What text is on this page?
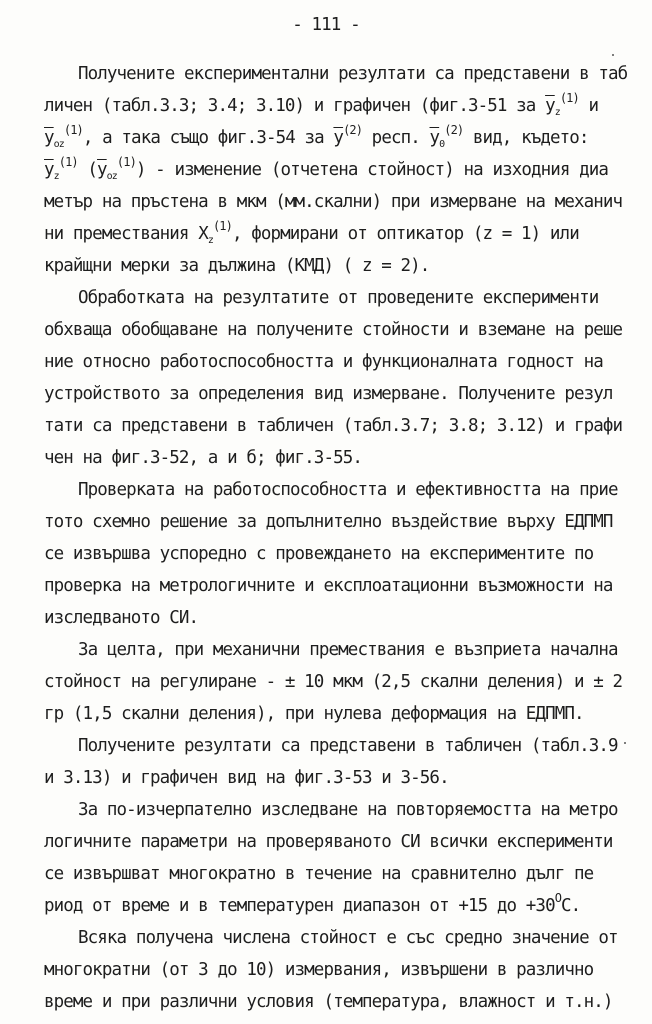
- 111 -
Получените експериментални резултати са представени в таб
личен (табл.3.3; 3.4; 3.10) и графичен (фиг.3-51 за $\overline{y}_z^{(1)}$ и
$\overline{y}_{oz}^{(1)}$, а така също фиг.3-54 за $\overline{y}^{(2)}$ респ. $\overline{y}_0^{(2)}$ вид, където:
$\overline{y}_z^{(1)}$ $(\overline{y}_{oz}^{(1)})$ - изменение (отчетена стойност) на изходния диа
метър на пръстена в мкм (мм.скални) при измерване на механич
ни премествания $X_z^{(1)}$, формирани от оптикатор (z = 1) или
крайщни мерки за дължина (КМД) ( z = 2).
Обработката на резултатите от проведените експерименти
обхваща обобщаване на получените стойности и вземане на реше
ние относно работоспособността и функционалната годност на
устройството за определения вид измерване. Получените резул
тати са представени в табличен (табл.3.7; 3.8; 3.12) и графи
чен на фиг.3-52, а и б; фиг.3-55.
Проверката на работоспособността и ефективността на прие
тото схемно решение за допълнително въздействие върху ЕДПМП
се извършва успоредно с провеждането на експериментите по
проверка на метрологичните и експлоатационни възможности на
изследваното СИ.
За целта, при механични премествания е възприета начална
стойност на регулиране - ± 10 мкм (2,5 скални деления) и ± 2
гр (1,5 скални деления), при нулева деформация на ЕДПМП.
Получените резултати са представени в табличен (табл.3.9
и 3.13) и графичен вид на фиг.3-53 и 3-56.
За по-изчерпателно изследване на повторяемостта на метро
логичните параметри на проверяваното СИ всички експерименти
се извършват многократно в течение на сравнително дълг пе
риод от време и в температурен диапазон от +15 до $+30^OС$.
Всяка получена числена стойност е със средно значение от
многократни (от 3 до 10) измервания, извършени в различно
време и при различни условия (температура, влажност и т.н.)
